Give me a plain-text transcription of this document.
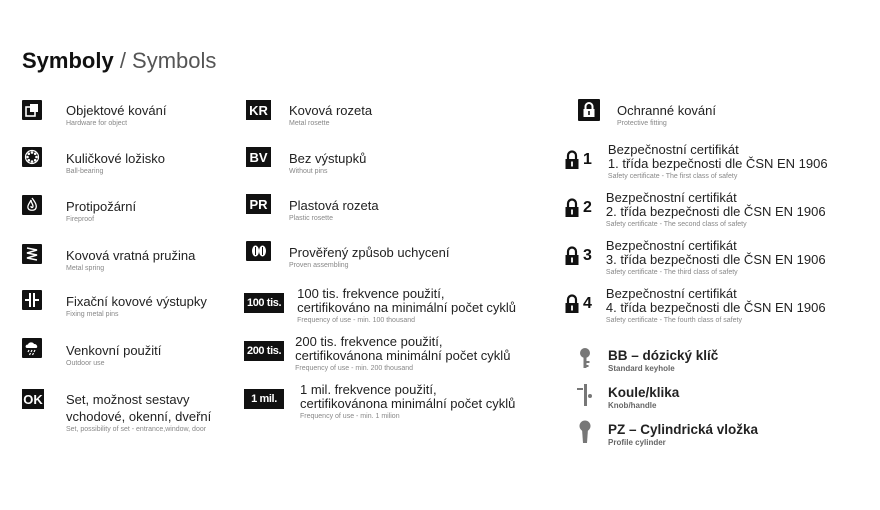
Symboly / Symbols
Objektové kování
Hardware for object
Kuličkové ložisko
Ball-bearing
Protipožární
Fireproof
Kovová vratná pružina
Metal spring
Fixační kovové výstupky
Fixing metal pins
Venkovní použití
Outdoor use
OK Set, možnost sestavy
vchodové, okenní, dveřní
Set, possibility of set - entrance,window, door
KR Kovová rozeta
Metal rosette
BV Bez výstupků
Without pins
PR Plastová rozeta
Plastic rosette
Prověřený způsob uchycení
Proven assembling
100 tis.
100 tis. frekvence použití,
certifikováno na minimální počet cyklů
Frequency of use - min. 100 thousand
200 tis.
200 tis. frekvence použití,
certifikovánona minimální počet cyklů
Frequency of use - min. 200 thousand
1 mil.
1 mil. frekvence použití,
certifikovánona minimální počet cyklů
Frequency of use - min. 1 milion
Ochranné kování
Protective fitting
1
Bezpečnostní certifikát
1. třída bezpečnosti dle ČSN EN 1906
Safety certificate - The first class of safety
2
Bezpečnostní certifikát
2. třída bezpečnosti dle ČSN EN 1906
Safety certificate - The second class of safety
3
Bezpečnostní certifikát
3. třída bezpečnosti dle ČSN EN 1906
Safety certificate - The third class of safety
4
Bezpečnostní certifikát
4. třída bezpečnosti dle ČSN EN 1906
Safety certificate - The fourth class of safety
BB – dózický klíč
Standard keyhole
Koule/klika
Knob/handle
PZ – Cylindrická vložka
Profile cylinder
